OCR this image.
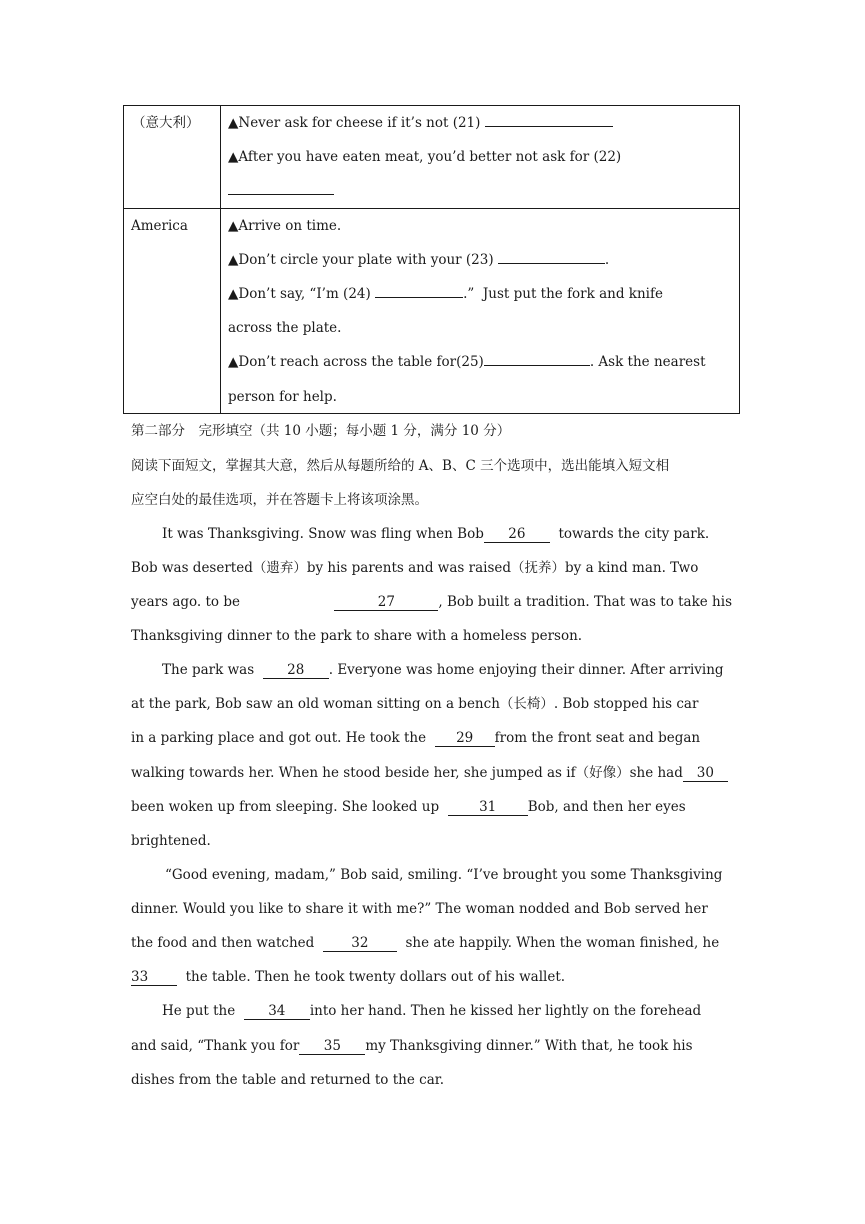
（意大利） ▲Never ask for cheese if it’s not (21)
▲After you have eaten meat, you’d better not ask for (22)
America	▲Arrive on time.
▲Don’t circle your plate with your (23)	.
▲Don’t say, “I’m (24)	.” Just put the fork and knife
across the plate.
▲Don’t reach across the table for(25)	. Ask the nearest
person for help.
第二部分　完形填空（共 10 小题；每小题 1 分，满分 10 分）
阅读下面短文，掌握其大意，然后从每题所给的 A、B、C 三个选项中，选出能填入短文相
应空白处的最佳选项，并在答题卡上将该项涂黑。
It was Thanksgiving. Snow was fling when Bob 26 towards the city park.
Bob was deserted（遗弃）by his parents and was raised（抚养）by a kind man. Two
years ago. to be	27	, Bob built a tradition. That was to take his
Thanksgiving dinner to the park to share with a homeless person.
The park was 28 . Everyone was home enjoying their dinner. After arriving
at the park, Bob saw an old woman sitting on a bench（长椅）. Bob stopped his car
in a parking place and got out. He took the 29 from the front seat and began
walking towards her. When he stood beside her, she jumped as if（好像）she had 30
been woken up from sleeping. She looked up	31 Bob, and then her eyes
brightened.
“Good evening, madam,” Bob said, smiling. “I’ve brought you some Thanksgiving
dinner. Would you like to share it with me?” The woman nodded and Bob served her
the food and then watched	32	she ate happily. When the woman finished, he
33	the table. Then he took twenty dollars out of his wallet.
He put the 34 into her hand. Then he kissed her lightly on the forehead
and said, “Thank you for 35 my Thanksgiving dinner.” With that, he took his
dishes from the table and returned to the car.
